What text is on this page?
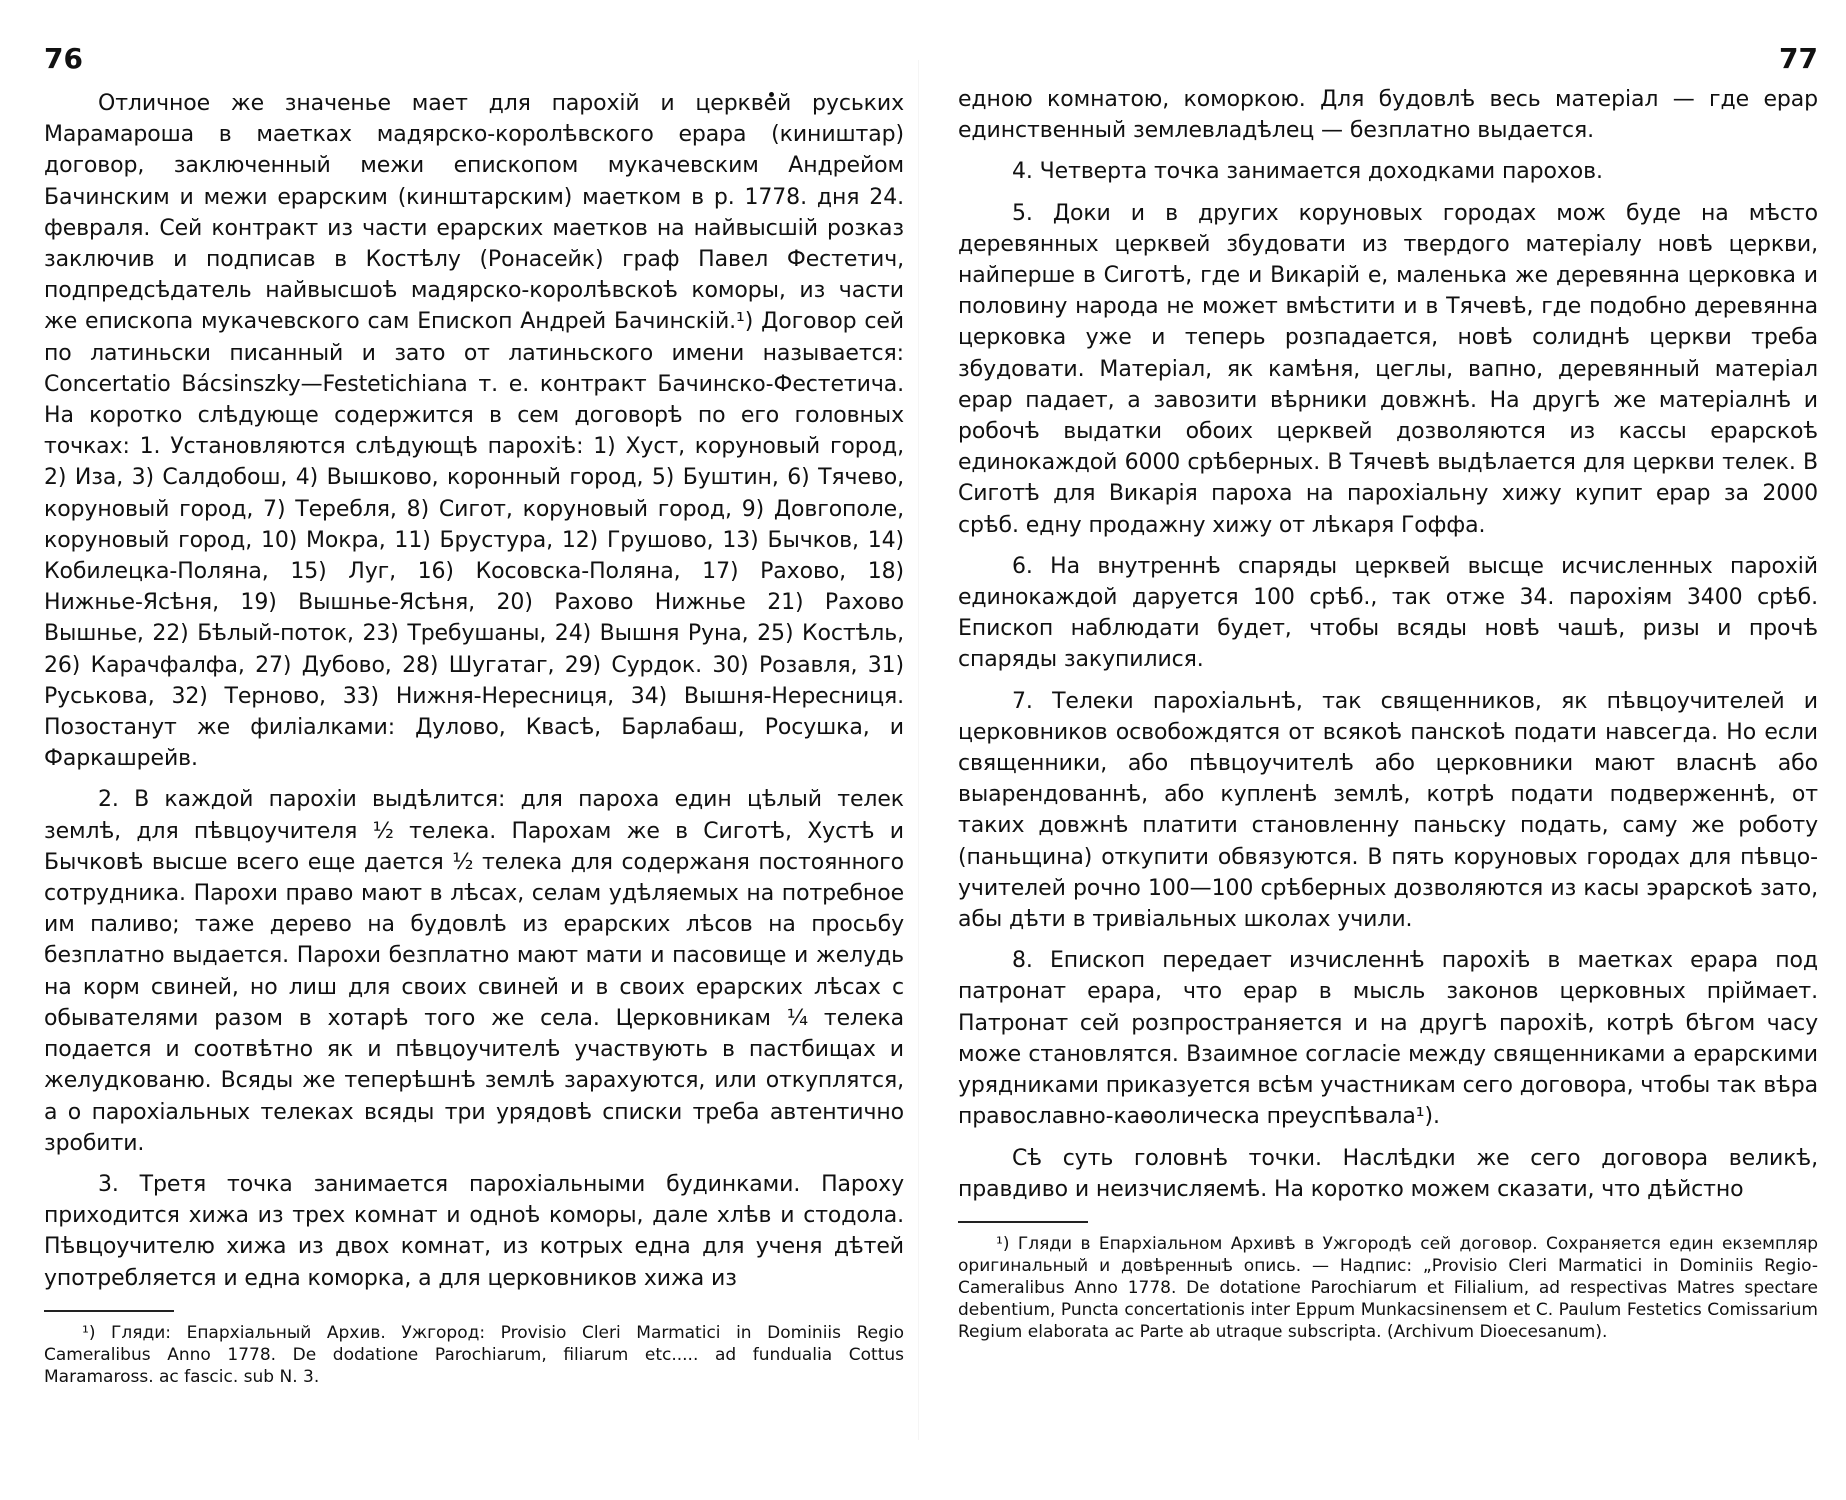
76

Отличное же значенье мает для парохій и церквей руських Марамароша в маетках мадярско-королѣвского ерара (киништар) договор, заключенный межи епископом мукачевским Андрейом Бачинским и межи ерарским (кинштарским) маетком в р. 1778. дня 24. февраля. Сей контракт из части ерарских маетков на найвысшій розказ заключив и подписав в Костѣлу (Ронасейк) граф Павел Фестетич, подпредсѣдатель найвысшоѣ мадярско-королѣвскоѣ коморы, из части же епископа мукачевского сам Епископ Андрей Бачинскій.¹) Договор сей по латиньски писанный и зато от латиньского имени называется: Concertatio Bácsinszky—Festetichiana т. е. контракт Бачинско-Фестетича. На коротко слѣдующе содержится в сем договорѣ по его головных точках: 1. Установляются слѣдующѣ парохіѣ: 1) Хуст, коруновый город, 2) Иза, 3) Салдобош, 4) Вышково, коронный город, 5) Буштин, 6) Тячево, коруновый город, 7) Теребля, 8) Сигот, коруновый город, 9) Довгополе, коруновый город, 10) Мокра, 11) Брустура, 12) Грушово, 13) Бычков, 14) Кобилецка-Поляна, 15) Луг, 16) Косовска-Поляна, 17) Рахово, 18) Нижнье-Ясѣня, 19) Вышнье-Ясѣня, 20) Рахово Нижнье 21) Рахово Вышнье, 22) Бѣлый-поток, 23) Требушаны, 24) Вышня Руна, 25) Костѣль, 26) Карачфалфа, 27) Дубово, 28) Шугатаг, 29) Сурдок. 30) Розавля, 31) Руськова, 32) Терново, 33) Нижня-Нересниця, 34) Вышня-Нересниця. Позостанут же филіалками: Дулово, Квасѣ, Барлабаш, Росушка, и Фаркашрейв.

2. В каждой парохіи выдѣлится: для пароха един цѣлый телек землѣ, для пѣвцоучителя ½ телека. Парохам же в Сиготѣ, Хустѣ и Бычковѣ высше всего еще дается ½ телека для содержаня постоянного сотрудника. Парохи право мают в лѣсах, селам удѣляемых на потребное им паливо; таже дерево на будовлѣ из ерарских лѣсов на просьбу безплатно выдается. Парохи безплатно мают мати и пасовище и желудь на корм свиней, но лиш для своих свиней и в своих ерарских лѣсах с обывателями разом в хотарѣ того же села. Церковникам ¼ телека подается и соотвѣтно як и пѣвцоучителѣ участвують в пастбищах и желудкованю. Всяды же теперѣшнѣ землѣ зарахуются, или откуплятся, а о парохіальных телеках всяды три урядовѣ списки треба автентично зробити.

3. Третя точка занимается парохіальными будинками. Пароху приходится хижа из трех комнат и одноѣ коморы, дале хлѣв и стодола. Пѣвцоучителю хижа из двох комнат, из котрых една для ученя дѣтей употребляется и една коморка, а для церковников хижа из

¹) Гляди: Епархіальный Архив. Ужгород: Provisio Cleri Marmatici in Dominiis Regio Cameralibus Anno 1778. De dodatione Parochiarum, filiarum etc..... ad fundualia Cottus Maramaross. ac fascic. sub N. 3.

77

едною комнатою, коморкою. Для будовлѣ весь матеріал — где ерар единственный землевладѣлец — безплатно выдается.

4. Четверта точка занимается доходками парохов.

5. Доки и в других коруновых городах мож буде на мѣсто деревянных церквей збудовати из твердого матеріалу новѣ церкви, найперше в Сиготѣ, где и Викарій е, маленька же деревянна церковка и половину народа не может вмѣстити и в Тячевѣ, где подобно деревянна церковка уже и теперь розпадается, новѣ солиднѣ церкви треба збудовати. Матеріал, як камѣня, цеглы, вапно, деревянный матеріал ерар падает, а завозити вѣрники довжнѣ. На другѣ же матеріалнѣ и робочѣ выдатки обоих церквей дозволяются из кассы ерарскоѣ единокаждой 6000 срѣберных. В Тячевѣ выдѣлается для церкви телек. В Сиготѣ для Викарія пароха на парохіальну хижу купит ерар за 2000 срѣб. едну продажну хижу от лѣкаря Гоффа.

6. На внутреннѣ спаряды церквей высще исчисленных парохій единокаждой даруется 100 срѣб., так отже 34. парохіям 3400 срѣб. Епископ наблюдати будет, чтобы всяды новѣ чашѣ, ризы и прочѣ спаряды закупилися.

7. Телеки парохіальнѣ, так священников, як пѣвцоучителей и церковников освобождятся от всякоѣ панскоѣ подати навсегда. Но если священники, або пѣвцоучителѣ або церковники мают власнѣ або выарендованнѣ, або купленѣ землѣ, котрѣ подати подверженнѣ, от таких довжнѣ платити становленну паньску подать, саму же роботу (паньщина) откупити обвязуются. В пять коруновых городах для пѣвцо-учителей рочно 100—100 срѣберных дозволяются из касы эрарскоѣ зато, абы дѣти в тривіальных школах учили.

8. Епископ передает изчисленнѣ парохіѣ в маетках ерара под патронат ерара, что ерар в мысль законов церковных пріймает. Патронат сей розпространяется и на другѣ парохіѣ, котрѣ бѣгом часу може становлятся. Взаимное согласіе между священниками а ерарскими урядниками приказуется всѣм участникам сего договора, чтобы так вѣра православно-каѳолическа преуспѣвала¹).

Сѣ суть головнѣ точки. Наслѣдки же сего договора великѣ, правдиво и неизчисляемѣ. На коротко можем сказати, что дѣйстно

¹) Гляди в Епархіальном Архивѣ в Ужгородѣ сей договор. Сохраняется един екземпляр оригинальный и довѣренныѣ опись. — Надпис: „Provisio Cleri Marmatici in Dominiis Regio-Cameralibus Anno 1778. De dotatione Parochiarum et Filialium, ad respectivas Matres spectare debentium, Puncta concertationis inter Eppum Munkacsinensem et C. Paulum Festetics Comissarium Regium elaborata ac Parte ab utraque subscripta. (Archivum Dioecesanum).
